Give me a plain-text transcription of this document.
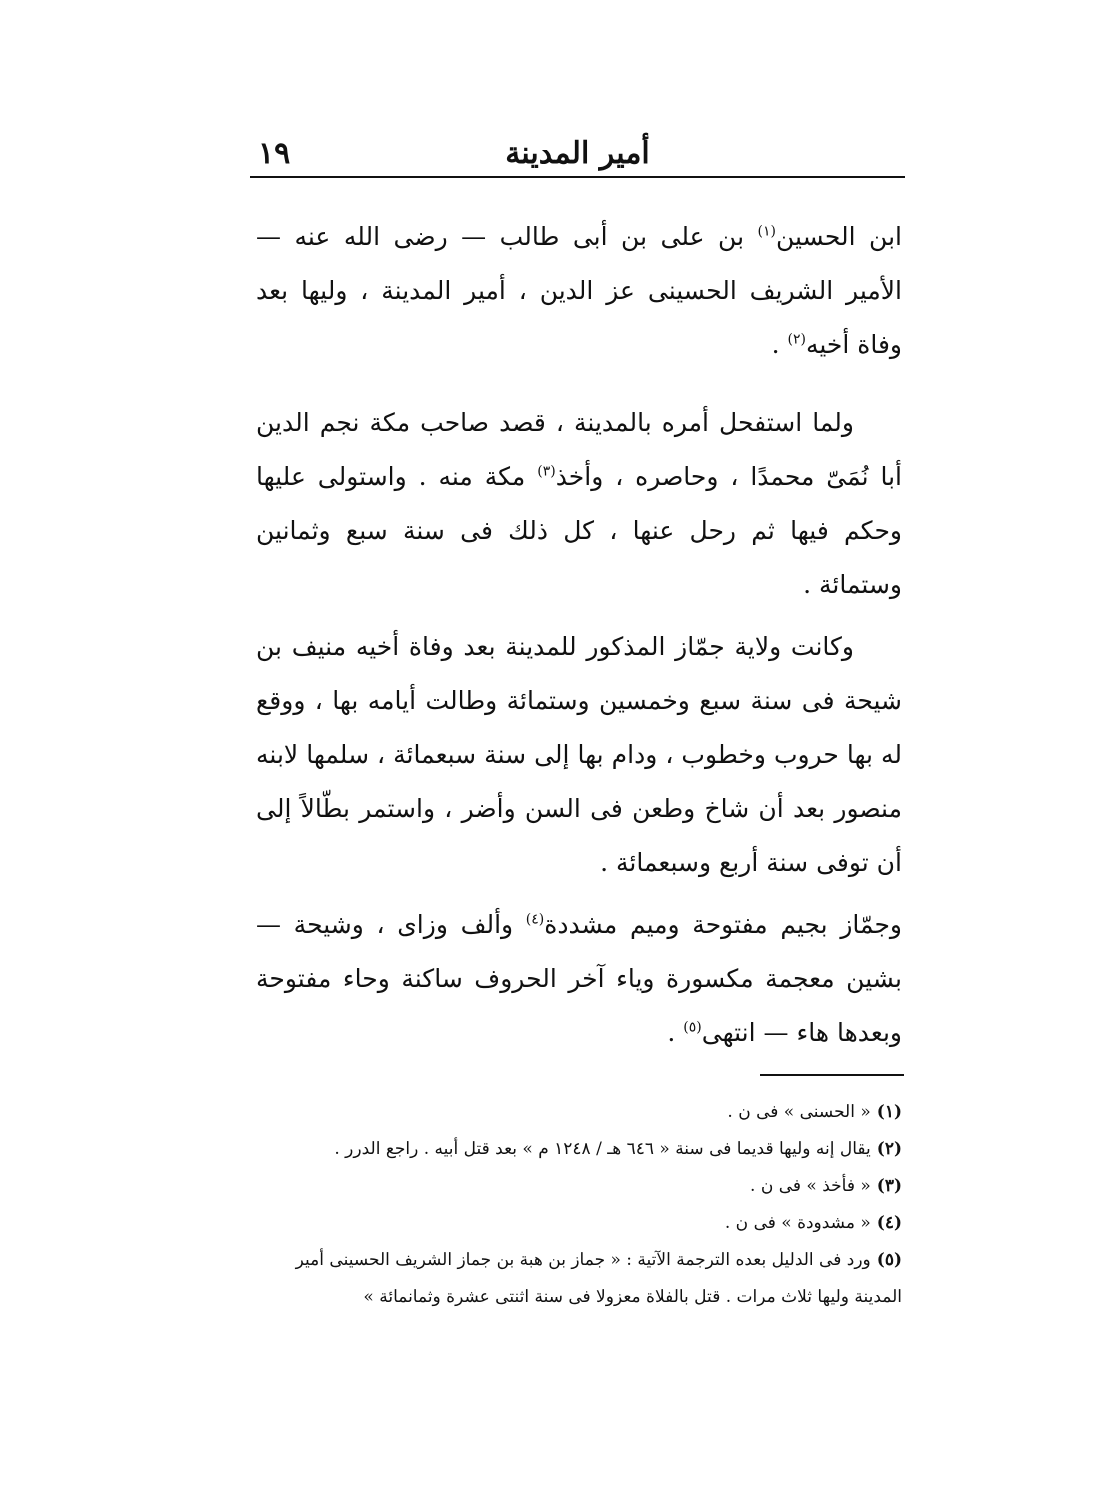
أمير المدينة
١٩

ابن الحسين$^{(١)}$ بن على بن أبى طالب — رضى الله عنه — الأمير الشريف الحسينى عز الدين ، أمير المدينة ، وليها بعد وفاة أخيه$^{(٢)}$ .

ولما استفحل أمره بالمدينة ، قصد صاحب مكة نجم الدين أبا نُمَىّ محمدًا ، وحاصره ، وأخذ$^{(٣)}$ مكة منه . واستولى عليها وحكم فيها ثم رحل عنها ، كل ذلك فى سنة سبع وثمانين وستمائة .

وكانت ولاية جمّاز المذكور للمدينة بعد وفاة أخيه منيف بن شيحة فى سنة سبع وخمسين وستمائة وطالت أيامه بها ، ووقع له بها حروب وخطوب ، ودام بها إلى سنة سبعمائة ، سلمها لابنه منصور بعد أن شاخ وطعن فى السن وأضر ، واستمر بطّالاً إلى أن توفى سنة أربع وسبعمائة .

وجمّاز بجيم مفتوحة وميم مشددة$^{(٤)}$ وألف وزاى ، وشيحة — بشين معجمة مكسورة وياء آخر الحروف ساكنة وحاء مفتوحة وبعدها هاء — انتهى$^{(٥)}$ .

(١)« الحسنى » فى ن .

(٢)يقال إنه وليها قديما فى سنة « ٦٤٦ هـ / ١٢٤٨ م » بعد قتل أبيه . راجع الدرر .

(٣)« فأخذ » فى ن .

(٤)« مشدودة » فى ن .

(٥)ورد فى الدليل بعده الترجمة الآتية : « جماز بن هبة بن جماز الشريف الحسينى أمير المدينة وليها ثلاث مرات . قتل بالفلاة معزولا فى سنة اثنتى عشرة وثمانمائة »
